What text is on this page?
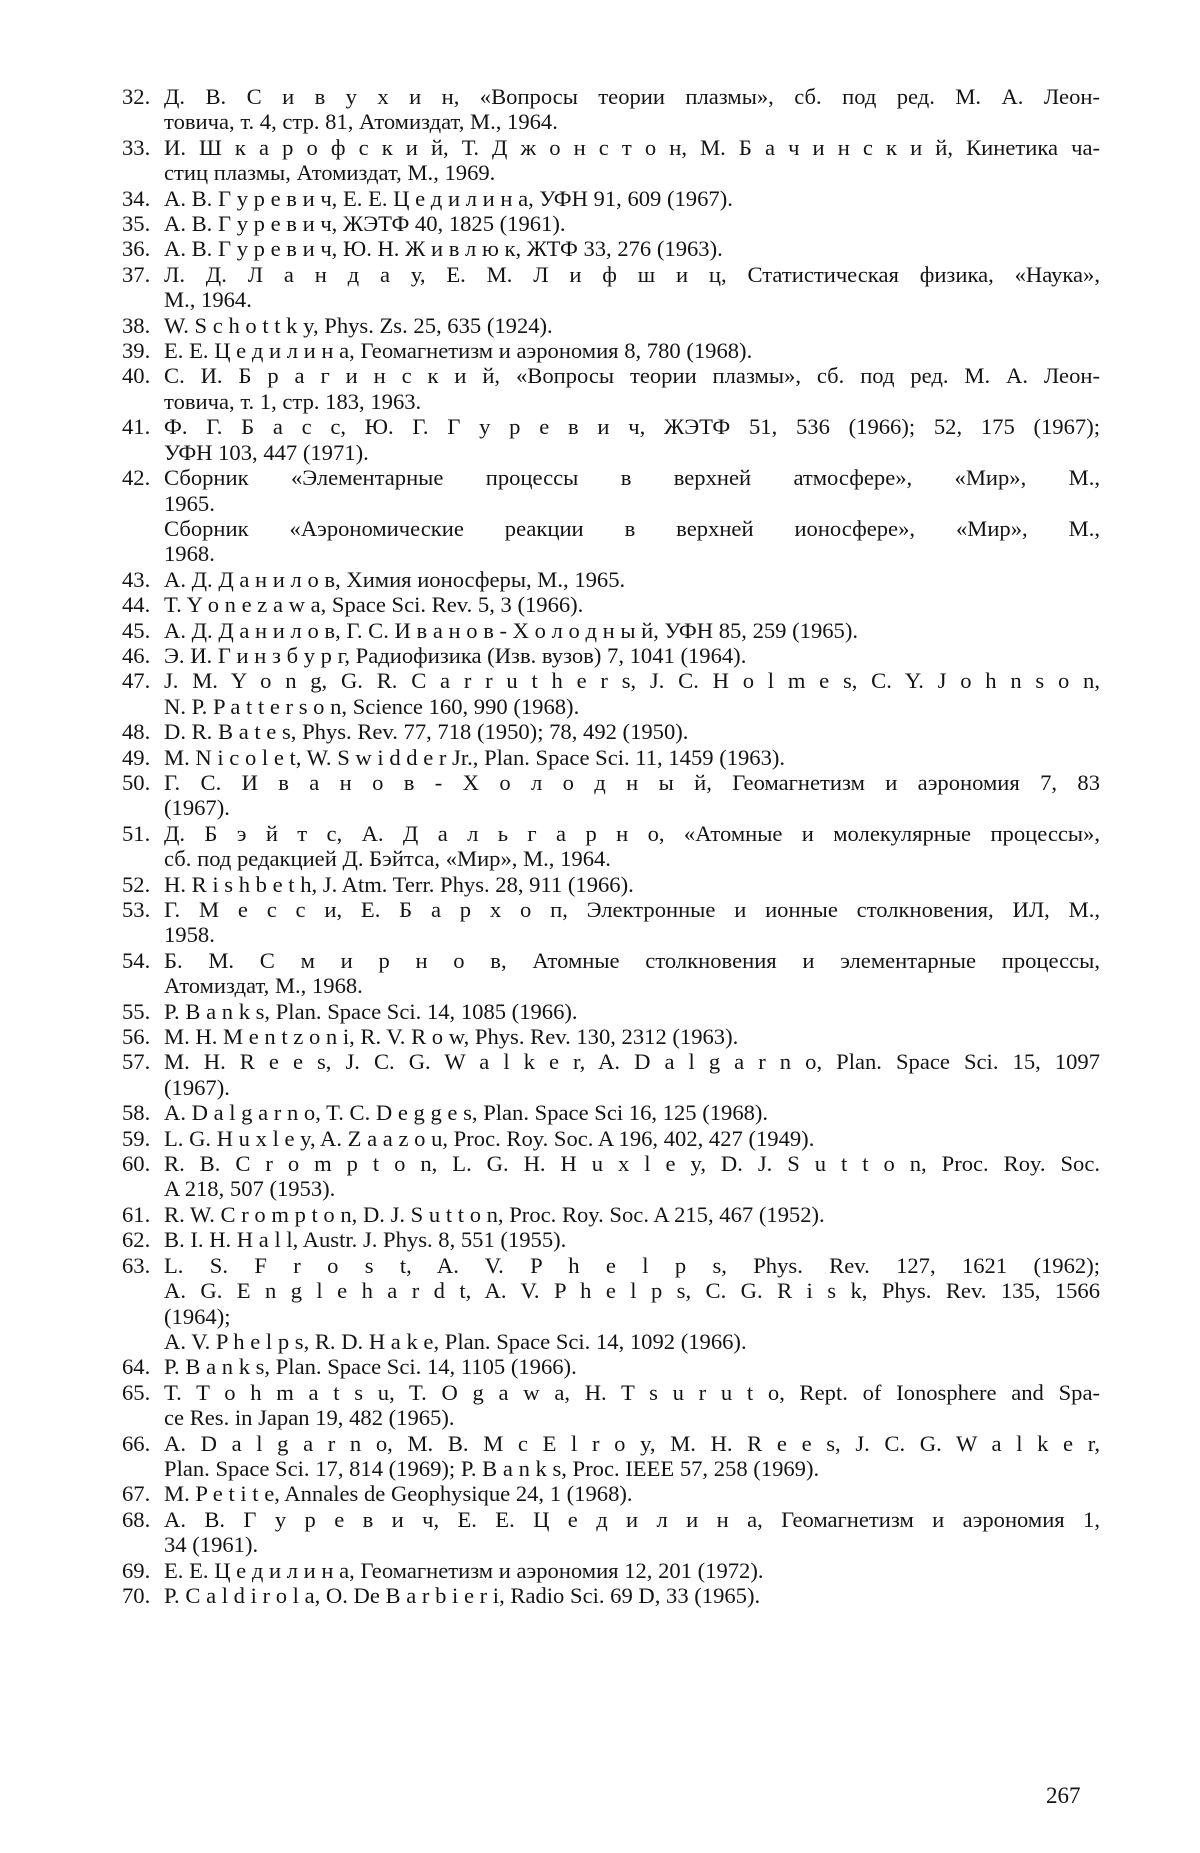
32. Д. В. С и в у х и н, «Вопросы теории плазмы», сб. под ред. М. А. Леон-
товича, т. 4, стр. 81, Атомиздат, М., 1964.
33. И. Ш к а р о ф с к и й, Т. Д ж о н с т о н, М. Б а ч и н с к и й, Кинетика ча-
стиц плазмы, Атомиздат, М., 1969.
34. А. В. Г у р е в и ч, Е. Е. Ц е д и л и н а, УФН 91, 609 (1967).
35. А. В. Г у р е в и ч, ЖЭТФ 40, 1825 (1961).
36. А. В. Г у р е в и ч, Ю. Н. Ж и в л ю к, ЖТФ 33, 276 (1963).
37. Л. Д. Л а н д а у, Е. М. Л и ф ш и ц, Статистическая физика, «Наука»,
М., 1964.
38. W. S c h o t t k y, Phys. Zs. 25, 635 (1924).
39. Е. Е. Ц е д и л и н а, Геомагнетизм и аэрономия 8, 780 (1968).
40. С. И. Б р а г и н с к и й, «Вопросы теории плазмы», сб. под ред. М. А. Леон-
товича, т. 1, стр. 183, 1963.
41. Ф. Г. Б а с с, Ю. Г. Г у р е в и ч, ЖЭТФ 51, 536 (1966); 52, 175 (1967);
УФН 103, 447 (1971).
42. Сборник «Элементарные процессы в верхней атмосфере», «Мир», М.,
1965.
Сборник «Аэрономические реакции в верхней ионосфере», «Мир», М.,
1968.
43. А. Д. Д а н и л о в, Химия ионосферы, М., 1965.
44. T. Y o n e z a w a, Space Sci. Rev. 5, 3 (1966).
45. А. Д. Д а н и л о в, Г. С. И в а н о в - Х о л о д н ы й, УФН 85, 259 (1965).
46. Э. И. Г и н з б у р г, Радиофизика (Изв. вузов) 7, 1041 (1964).
47. J. M. Y o n g, G. R. C a r r u t h e r s, J. C. H o l m e s, C. Y. J o h n s o n,
N. P. P a t t e r s o n, Science 160, 990 (1968).
48. D. R. B a t e s, Phys. Rev. 77, 718 (1950); 78, 492 (1950).
49. M. N i c o l e t, W. S w i d d e r Jr., Plan. Space Sci. 11, 1459 (1963).
50. Г. С. И в а н о в - Х о л о д н ы й, Геомагнетизм и аэрономия 7, 83
(1967).
51. Д. Б э й т с, А. Д а л ь г а р н о, «Атомные и молекулярные процессы»,
сб. под редакцией Д. Бэйтса, «Мир», М., 1964.
52. H. R i s h b e t h, J. Atm. Terr. Phys. 28, 911 (1966).
53. Г. М е с с и, Е. Б а р х о п, Электронные и ионные столкновения, ИЛ, М.,
1958.
54. Б. М. С м и р н о в, Атомные столкновения и элементарные процессы,
Атомиздат, М., 1968.
55. P. B a n k s, Plan. Space Sci. 14, 1085 (1966).
56. M. H. M e n t z o n i, R. V. R o w, Phys. Rev. 130, 2312 (1963).
57. M. H. R e e s, J. C. G. W a l k e r, A. D a l g a r n o, Plan. Space Sci. 15, 1097
(1967).
58. A. D a l g a r n o, T. C. D e g g e s, Plan. Space Sci 16, 125 (1968).
59. L. G. H u x l e y, A. Z a a z o u, Proc. Roy. Soc. A 196, 402, 427 (1949).
60. R. B. C r o m p t o n, L. G. H. H u x l e y, D. J. S u t t o n, Proc. Roy. Soc.
A 218, 507 (1953).
61. R. W. C r o m p t o n, D. J. S u t t o n, Proc. Roy. Soc. A 215, 467 (1952).
62. B. I. H. H a l l, Austr. J. Phys. 8, 551 (1955).
63. L. S. F r o s t, A. V. P h e l p s, Phys. Rev. 127, 1621 (1962);
A. G. E n g l e h a r d t, A. V. P h e l p s, C. G. R i s k, Phys. Rev. 135, 1566
(1964);
A. V. P h e l p s, R. D. H a k e, Plan. Space Sci. 14, 1092 (1966).
64. P. B a n k s, Plan. Space Sci. 14, 1105 (1966).
65. T. T o h m a t s u, T. O g a w a, H. T s u r u t o, Rept. of Ionosphere and Spa-
ce Res. in Japan 19, 482 (1965).
66. A. D a l g a r n o, M. B. M c E l r o y, M. H. R e e s, J. C. G. W a l k e r,
Plan. Space Sci. 17, 814 (1969); P. B a n k s, Proc. IEEE 57, 258 (1969).
67. M. P e t i t e, Annales de Geophysique 24, 1 (1968).
68. А. В. Г у р е в и ч, Е. Е. Ц е д и л и н а, Геомагнетизм и аэрономия 1,
34 (1961).
69. Е. Е. Ц е д и л и н а, Геомагнетизм и аэрономия 12, 201 (1972).
70. P. C a l d i r o l a, O. De B a r b i e r i, Radio Sci. 69 D, 33 (1965).
267
